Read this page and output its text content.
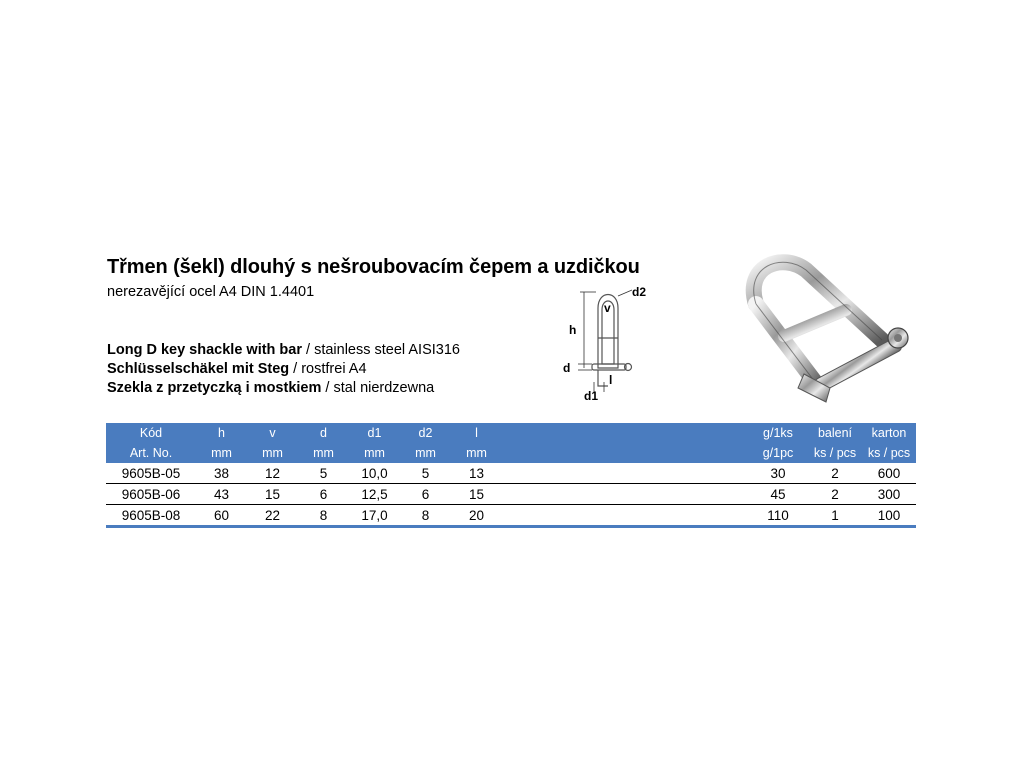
Třmen (šekl) dlouhý s nešroubovacím čepem a uzdičkou
nerezavějící ocel A4 DIN 1.4401
Long D key shackle with bar / stainless steel AISI316
Schlüsselschäkel mit Steg / rostfrei A4
Szekla z przetyczką i mostkiem / stal nierdzewna
d2
v
h
d
l
d1
Kód	h	v	d	d1	d2	l		g/1ks	balení	karton
Art. No.	mm	mm	mm	mm	mm	mm		g/1pc	ks / pcs	ks / pcs
9605B-05	38	12	5	10,0	5	13		30	2	600
9605B-06	43	15	6	12,5	6	15		45	2	300
9605B-08	60	22	8	17,0	8	20		110	1	100
